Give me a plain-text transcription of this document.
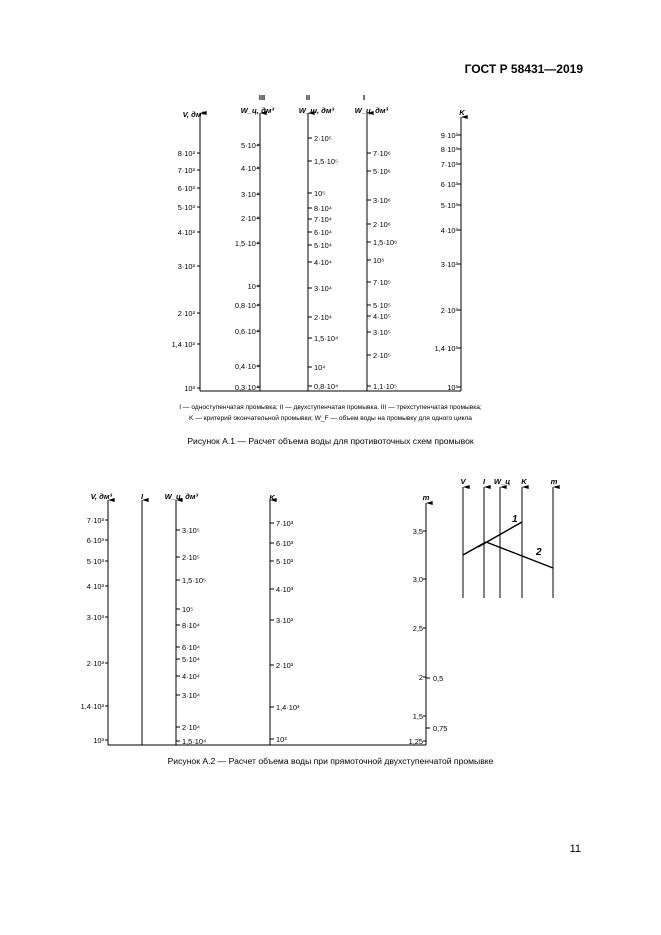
ГОСТ Р 58431—2019
III	II	I
V, дм³	W_ц, дм³	W_ш, дм³	W_ц, дм³	K
8·10³
7·10³
6·10³
5·10³
4·10³
3·10³
2·10³
1,4·10³
10³
5·10⁴
4·10⁴
3·10⁴
2·10⁴
1,5·10⁴
10⁴
0,8·10⁴
0,6·10⁴
0,4·10⁴
0,3·10⁴
2·10⁵
1,5·10⁵
10⁵
8·10⁴
7·10⁴
6·10⁴
5·10⁴
4·10⁴
3·10⁴
2·10⁴
1,5·10⁴
10⁴
0,8·10⁴
7·10⁶
5·10⁶
3·10⁶
2·10⁶
1,5·10⁶
10⁶
7·10⁵
5·10⁵
4·10⁵
3·10⁵
2·10⁵
1,1·10⁵
9·10³
8·10³
7·10³
6·10³
5·10³
4·10³
3·10³
2·10³
1,4·10³
10³
V, дм³	I	W_ц, дм³	K	m
7·10³
6·10³
5·10³
4·10³
3·10³
2·10³
1,4·10³
10³
3·10⁵
2·10⁵
1,5·10⁵
10⁵
8·10⁴
6·10⁴
5·10⁴
4·10⁴
3·10⁴
2·10⁴
1,5·10⁴
7·10³
6·10³
5·10³
4·10³
3·10³
2·10³
1,4·10³
10³
3,5
3,0
2,5
2
1,5
1,25
0,5
0,75
V I W_ц K	m
1
2
I — одноступенчатая промывка; II — двухступенчатая промывка. III — трехступенчатая промывка;
K — критерий окончательной промывки; W_F — объем воды на промывку для одного цикла
Рисунок А.1 — Расчет объема воды для противоточных схем промывок
Рисунок А.2 — Расчет объема воды при прямоточной двухступенчатой промывке
11
